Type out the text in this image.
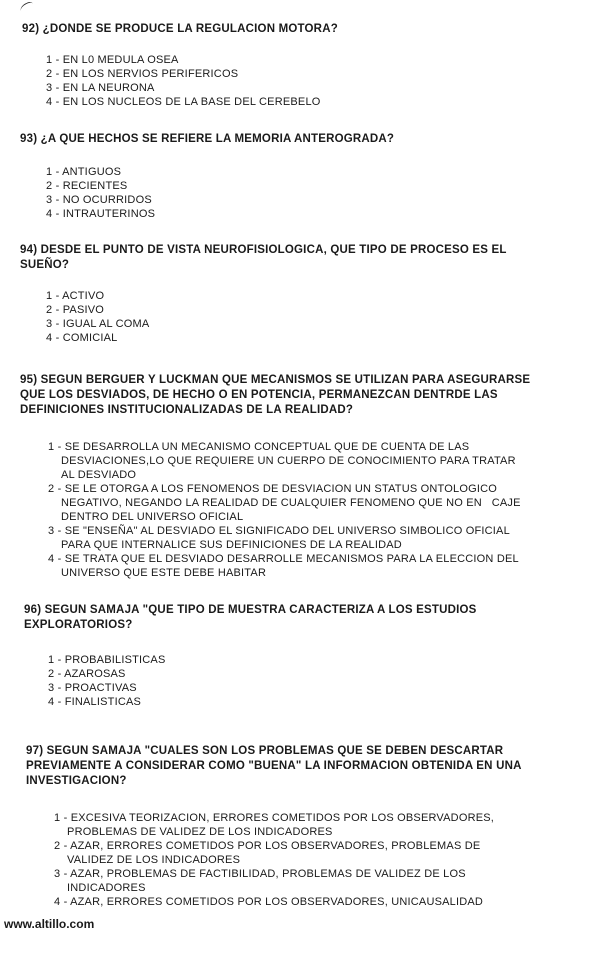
92) ¿DONDE SE PRODUCE LA REGULACION MOTORA?

1 - EN L0 MEDULA OSEA
2 - EN LOS NERVIOS PERIFERICOS
3 - EN LA NEURONA
4 - EN LOS NUCLEOS DE LA BASE DEL CEREBELO

93) ¿A QUE HECHOS SE REFIERE LA MEMORIA ANTEROGRADA?

1 - ANTIGUOS
2 - RECIENTES
3 - NO OCURRIDOS
4 - INTRAUTERINOS

94) DESDE EL PUNTO DE VISTA NEUROFISIOLOGICA, QUE TIPO DE PROCESO ES EL
SUEÑO?

1 - ACTIVO
2 - PASIVO
3 - IGUAL AL COMA
4 - COMICIAL

95) SEGUN BERGUER Y LUCKMAN QUE MECANISMOS SE UTILIZAN PARA ASEGURARSE
QUE LOS DESVIADOS, DE HECHO O EN POTENCIA, PERMANEZCAN DENTRDE LAS
DEFINICIONES INSTITUCIONALIZADAS DE LA REALIDAD?

1 - SE DESARROLLA UN MECANISMO CONCEPTUAL QUE DE CUENTA DE LAS
DESVIACIONES,LO QUE REQUIERE UN CUERPO DE CONOCIMIENTO PARA TRATAR
AL DESVIADO
2 - SE LE OTORGA A LOS FENOMENOS DE DESVIACION UN STATUS ONTOLOGICO
NEGATIVO, NEGANDO LA REALIDAD DE CUALQUIER FENOMENO QUE NO EN   CAJE
DENTRO DEL UNIVERSO OFICIAL
3 - SE "ENSEÑA" AL DESVIADO EL SIGNIFICADO DEL UNIVERSO SIMBOLICO OFICIAL
PARA QUE INTERNALICE SUS DEFINICIONES DE LA REALIDAD
4 - SE TRATA QUE EL DESVIADO DESARROLLE MECANISMOS PARA LA ELECCION DEL
UNIVERSO QUE ESTE DEBE HABITAR

96) SEGUN SAMAJA "QUE TIPO DE MUESTRA CARACTERIZA A LOS ESTUDIOS
EXPLORATORIOS?

1 - PROBABILISTICAS
2 - AZAROSAS
3 - PROACTIVAS
4 - FINALISTICAS

97) SEGUN SAMAJA "CUALES SON LOS PROBLEMAS QUE SE DEBEN DESCARTAR
PREVIAMENTE A CONSIDERAR COMO "BUENA" LA INFORMACION OBTENIDA EN UNA
INVESTIGACION?

1 - EXCESIVA TEORIZACION, ERRORES COMETIDOS POR LOS OBSERVADORES,
PROBLEMAS DE VALIDEZ DE LOS INDICADORES
2 - AZAR, ERRORES COMETIDOS POR LOS OBSERVADORES, PROBLEMAS DE
VALIDEZ DE LOS INDICADORES
3 - AZAR, PROBLEMAS DE FACTIBILIDAD, PROBLEMAS DE VALIDEZ DE LOS
INDICADORES
4 - AZAR, ERRORES COMETIDOS POR LOS OBSERVADORES, UNICAUSALIDAD
www.altillo.com
